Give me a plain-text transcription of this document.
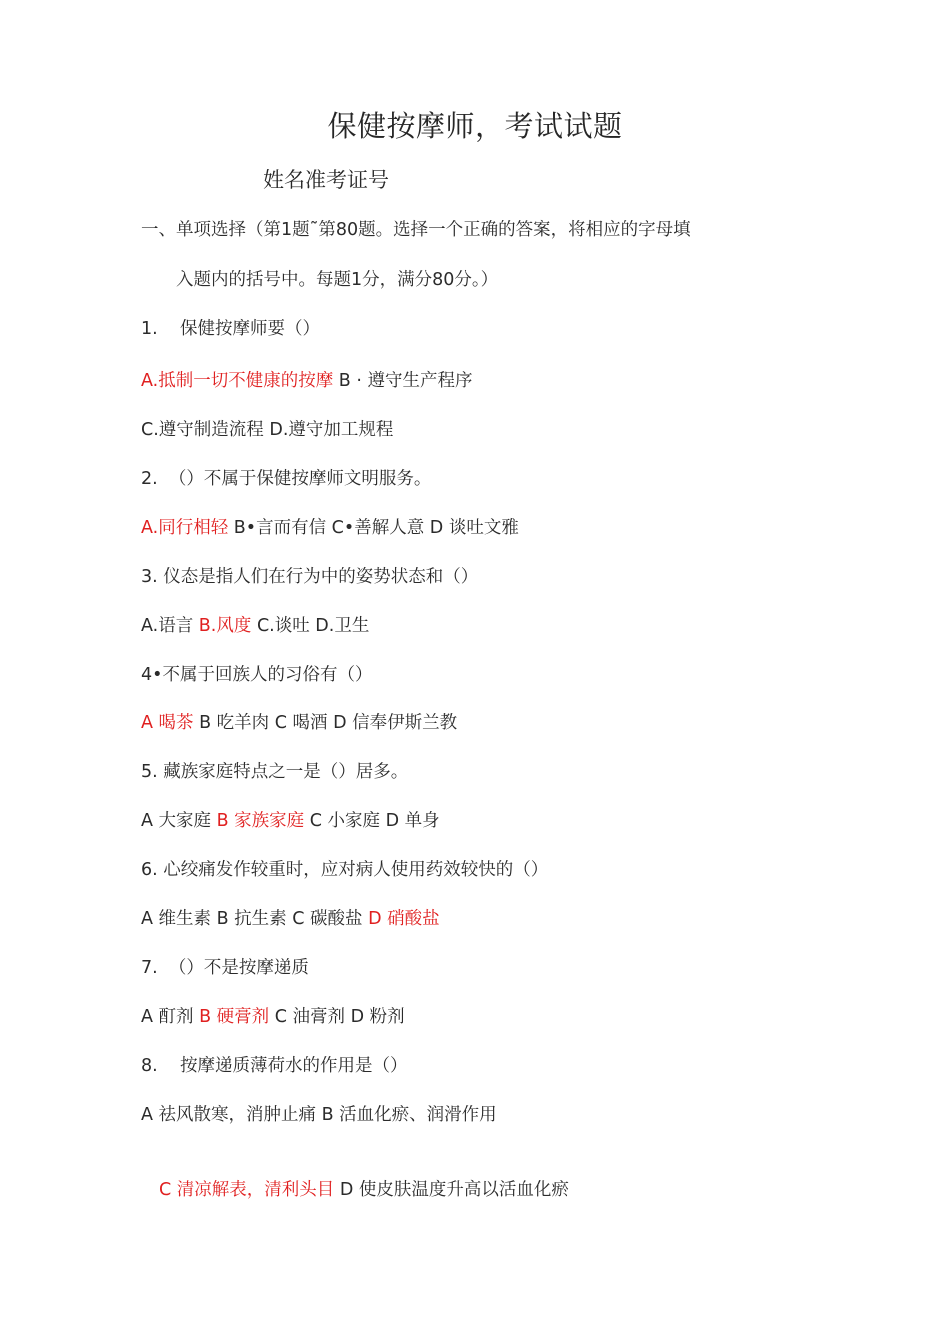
保健按摩师，考试试题
姓名准考证号
一、单项选择（第1题˜第80题。选择一个正确的答案，将相应的字母填
入题内的括号中。每题1分，满分80分。）
1.    保健按摩师要（）
A.抵制一切不健康的按摩 B · 遵守生产程序
C.遵守制造流程 D.遵守加工规程
2.  （）不属于保健按摩师文明服务。
A.同行相轻 B•言而有信 C•善解人意 D 谈吐文雅
3. 仪态是指人们在行为中的姿势状态和（）
A.语言 B.风度 C.谈吐 D.卫生
4•不属于回族人的习俗有（）
A 喝茶 B 吃羊肉 C 喝酒 D 信奉伊斯兰教
5. 藏族家庭特点之一是（）居多。
A 大家庭 B 家族家庭 C 小家庭 D 单身
6. 心绞痛发作较重时，应对病人使用药效较快的（）
A 维生素 B 抗生素 C 碳酸盐 D 硝酸盐
7.  （）不是按摩递质
A 酊剂 B 硬膏剂 C 油膏剂 D 粉剂
8.    按摩递质薄荷水的作用是（）
A 祛风散寒，消肿止痛 B 活血化瘀、润滑作用
C 清凉解表，清利头目 D 使皮肤温度升高以活血化瘀
